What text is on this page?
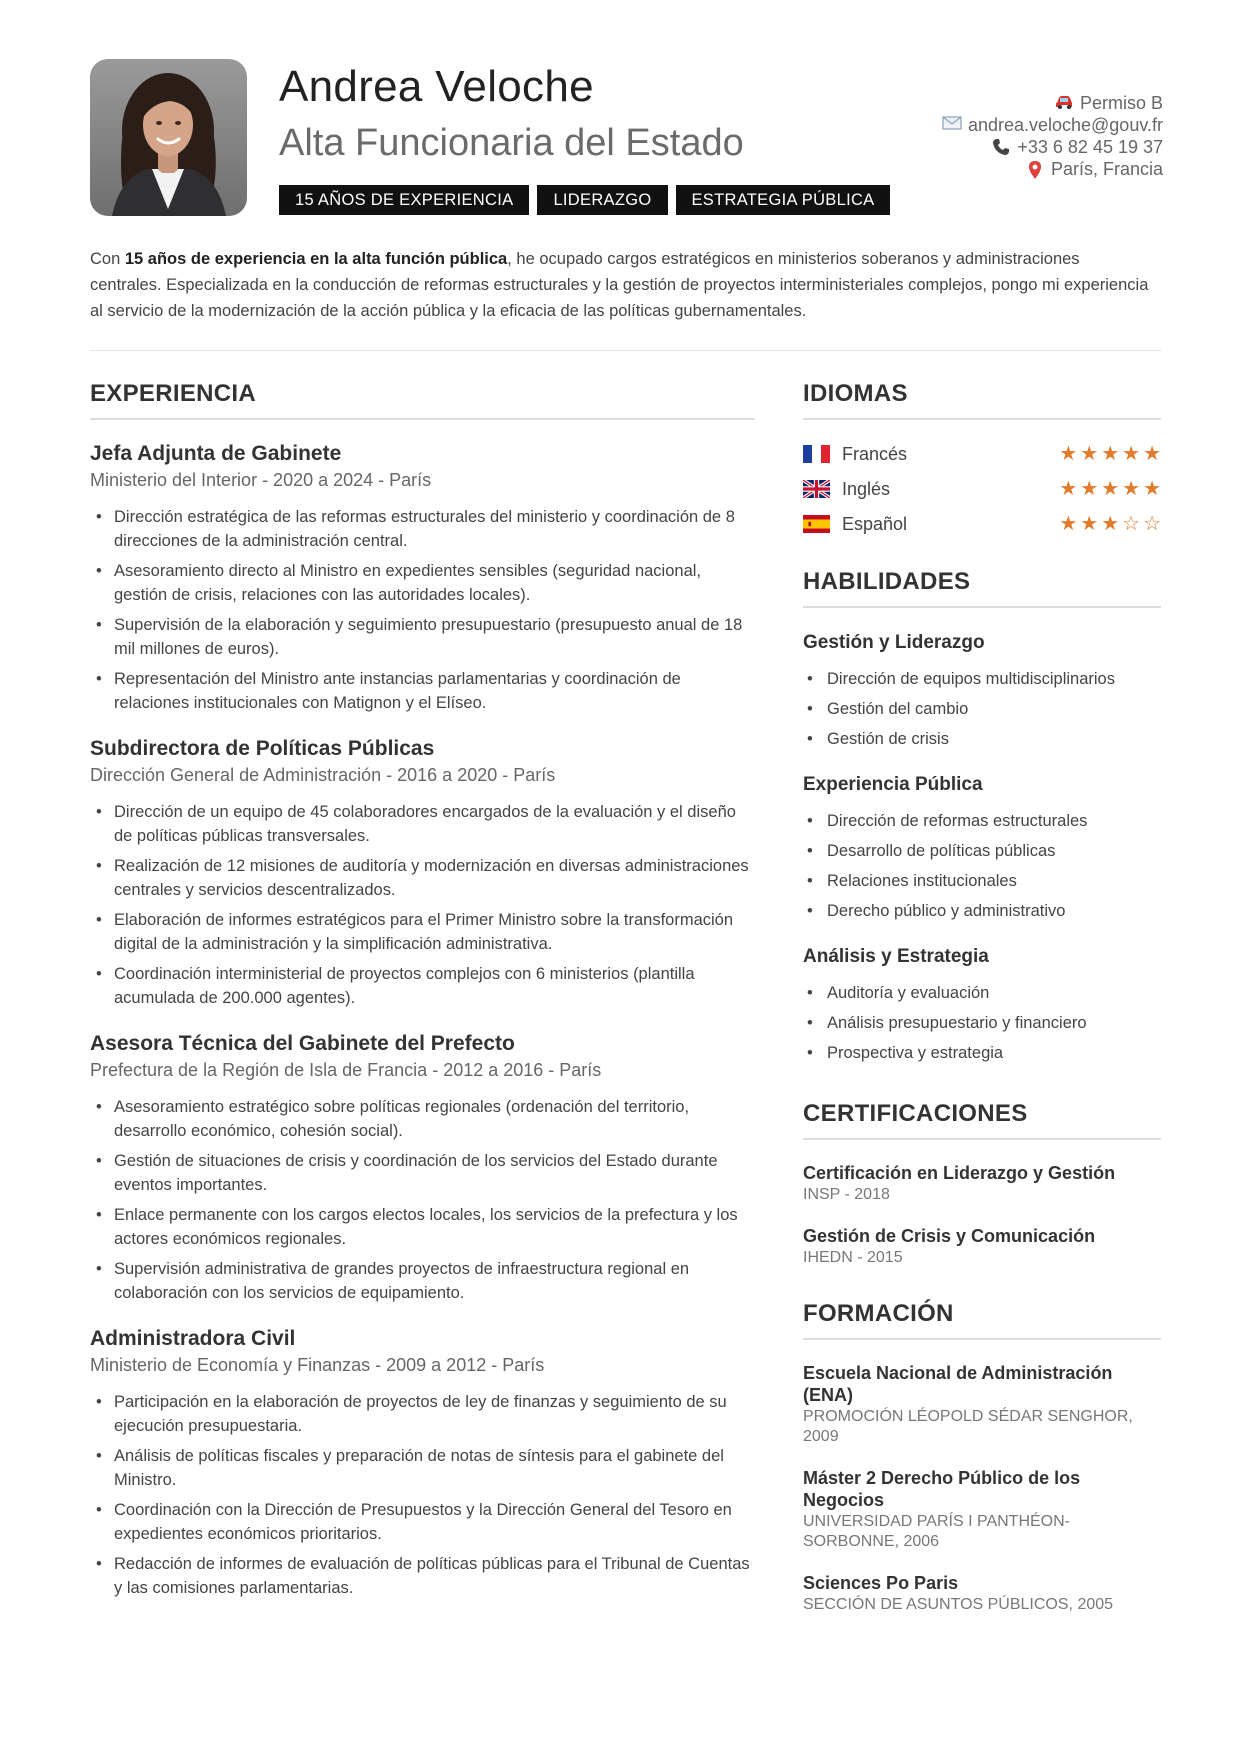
Andrea Veloche
Alta Funcionaria del Estado
15 AÑOS DE EXPERIENCIA	LIDERAZGO	ESTRATEGIA PÚBLICA
Permiso B
andrea.veloche@gouv.fr
+33 6 82 45 19 37
París, Francia

Con 15 años de experiencia en la alta función pública, he ocupado cargos estratégicos en ministerios soberanos y administraciones centrales. Especializada en la conducción de reformas estructurales y la gestión de proyectos interministeriales complejos, pongo mi experiencia al servicio de la modernización de la acción pública y la eficacia de las políticas gubernamentales.

EXPERIENCIA
Jefa Adjunta de Gabinete
Ministerio del Interior - 2020 a 2024 - París
• Dirección estratégica de las reformas estructurales del ministerio y coordinación de 8 direcciones de la administración central.
• Asesoramiento directo al Ministro en expedientes sensibles (seguridad nacional, gestión de crisis, relaciones con las autoridades locales).
• Supervisión de la elaboración y seguimiento presupuestario (presupuesto anual de 18 mil millones de euros).
• Representación del Ministro ante instancias parlamentarias y coordinación de relaciones institucionales con Matignon y el Elíseo.
Subdirectora de Políticas Públicas
Dirección General de Administración - 2016 a 2020 - París
• Dirección de un equipo de 45 colaboradores encargados de la evaluación y el diseño de políticas públicas transversales.
• Realización de 12 misiones de auditoría y modernización en diversas administraciones centrales y servicios descentralizados.
• Elaboración de informes estratégicos para el Primer Ministro sobre la transformación digital de la administración y la simplificación administrativa.
• Coordinación interministerial de proyectos complejos con 6 ministerios (plantilla acumulada de 200.000 agentes).
Asesora Técnica del Gabinete del Prefecto
Prefectura de la Región de Isla de Francia - 2012 a 2016 - París
• Asesoramiento estratégico sobre políticas regionales (ordenación del territorio, desarrollo económico, cohesión social).
• Gestión de situaciones de crisis y coordinación de los servicios del Estado durante eventos importantes.
• Enlace permanente con los cargos electos locales, los servicios de la prefectura y los actores económicos regionales.
• Supervisión administrativa de grandes proyectos de infraestructura regional en colaboración con los servicios de equipamiento.
Administradora Civil
Ministerio de Economía y Finanzas - 2009 a 2012 - París
• Participación en la elaboración de proyectos de ley de finanzas y seguimiento de su ejecución presupuestaria.
• Análisis de políticas fiscales y preparación de notas de síntesis para el gabinete del Ministro.
• Coordinación con la Dirección de Presupuestos y la Dirección General del Tesoro en expedientes económicos prioritarios.
• Redacción de informes de evaluación de políticas públicas para el Tribunal de Cuentas y las comisiones parlamentarias.
IDIOMAS
Francés	★ ★ ★ ★ ★
Inglés	★ ★ ★ ★ ★
Español	★ ★ ★ ☆ ☆
HABILIDADES
Gestión y Liderazgo
• Dirección de equipos multidisciplinarios
• Gestión del cambio
• Gestión de crisis
Experiencia Pública
• Dirección de reformas estructurales
• Desarrollo de políticas públicas
• Relaciones institucionales
• Derecho público y administrativo
Análisis y Estrategia
• Auditoría y evaluación
• Análisis presupuestario y financiero
• Prospectiva y estrategia
CERTIFICACIONES
Certificación en Liderazgo y Gestión
INSP - 2018
Gestión de Crisis y Comunicación
IHEDN - 2015
FORMACIÓN
Escuela Nacional de Administración (ENA)
PROMOCIÓN LÉOPOLD SÉDAR SENGHOR, 2009
Máster 2 Derecho Público de los Negocios
UNIVERSIDAD PARÍS I PANTHÉON-SORBONNE, 2006
Sciences Po Paris
SECCIÓN DE ASUNTOS PÚBLICOS, 2005
